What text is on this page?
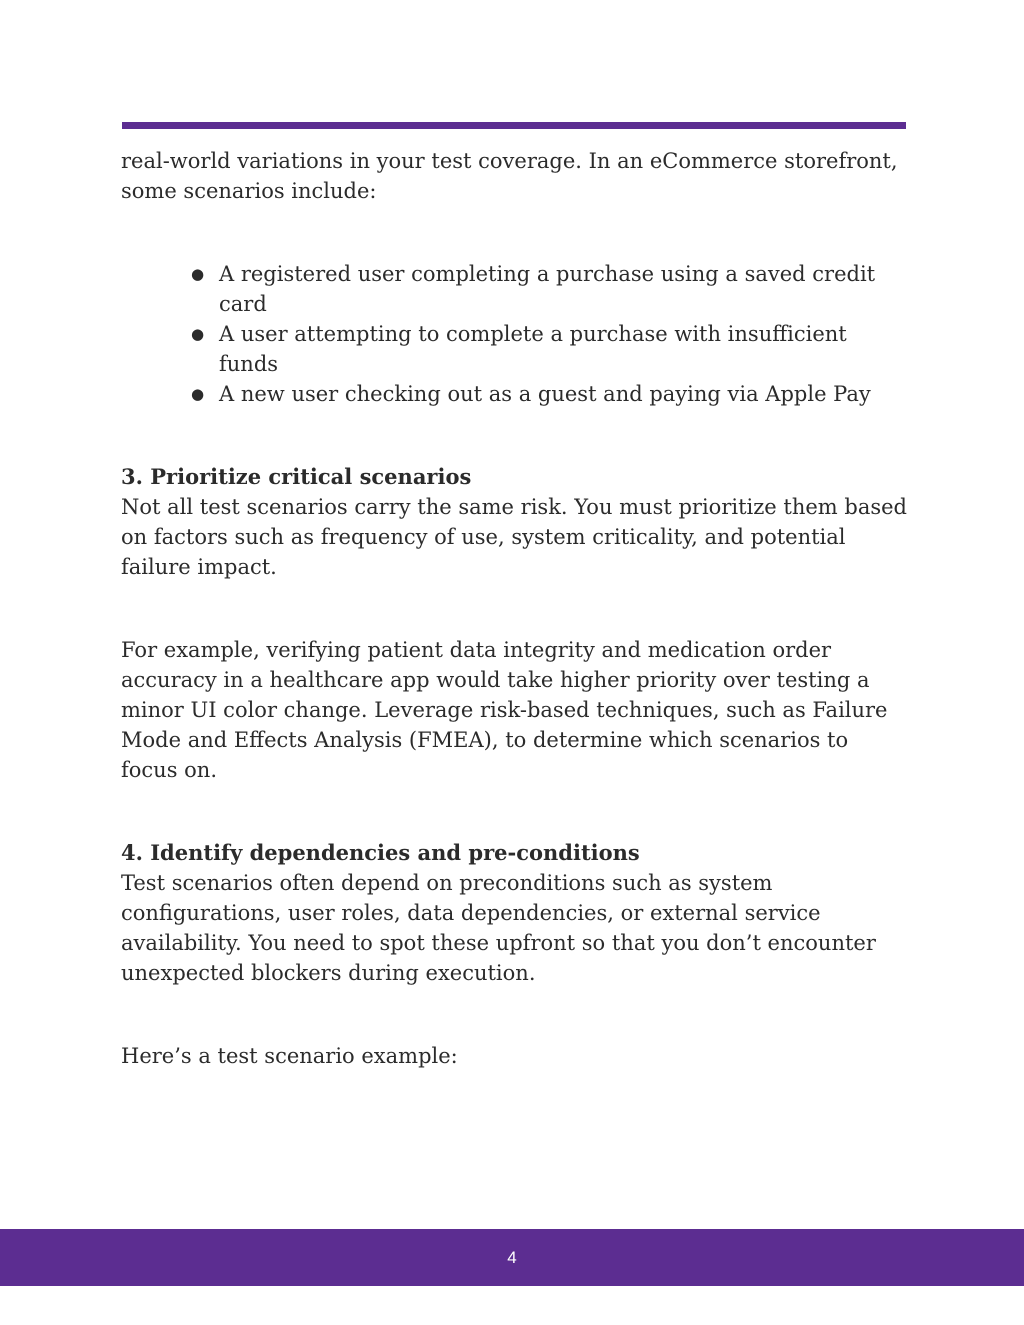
real-world variations in your test coverage. In an eCommerce storefront, some scenarios include:

● A registered user completing a purchase using a saved credit card
● A user attempting to complete a purchase with insufficient funds
● A new user checking out as a guest and paying via Apple Pay
3. Prioritize critical scenarios

Not all test scenarios carry the same risk. You must prioritize them based on factors such as frequency of use, system criticality, and potential failure impact.

For example, verifying patient data integrity and medication order accuracy in a healthcare app would take higher priority over testing a minor UI color change. Leverage risk-based techniques, such as Failure Mode and Effects Analysis (FMEA), to determine which scenarios to focus on.

4. Identify dependencies and pre-conditions

Test scenarios often depend on preconditions such as system configurations, user roles, data dependencies, or external service availability. You need to spot these upfront so that you don’t encounter unexpected blockers during execution.

Here’s a test scenario example:

4
